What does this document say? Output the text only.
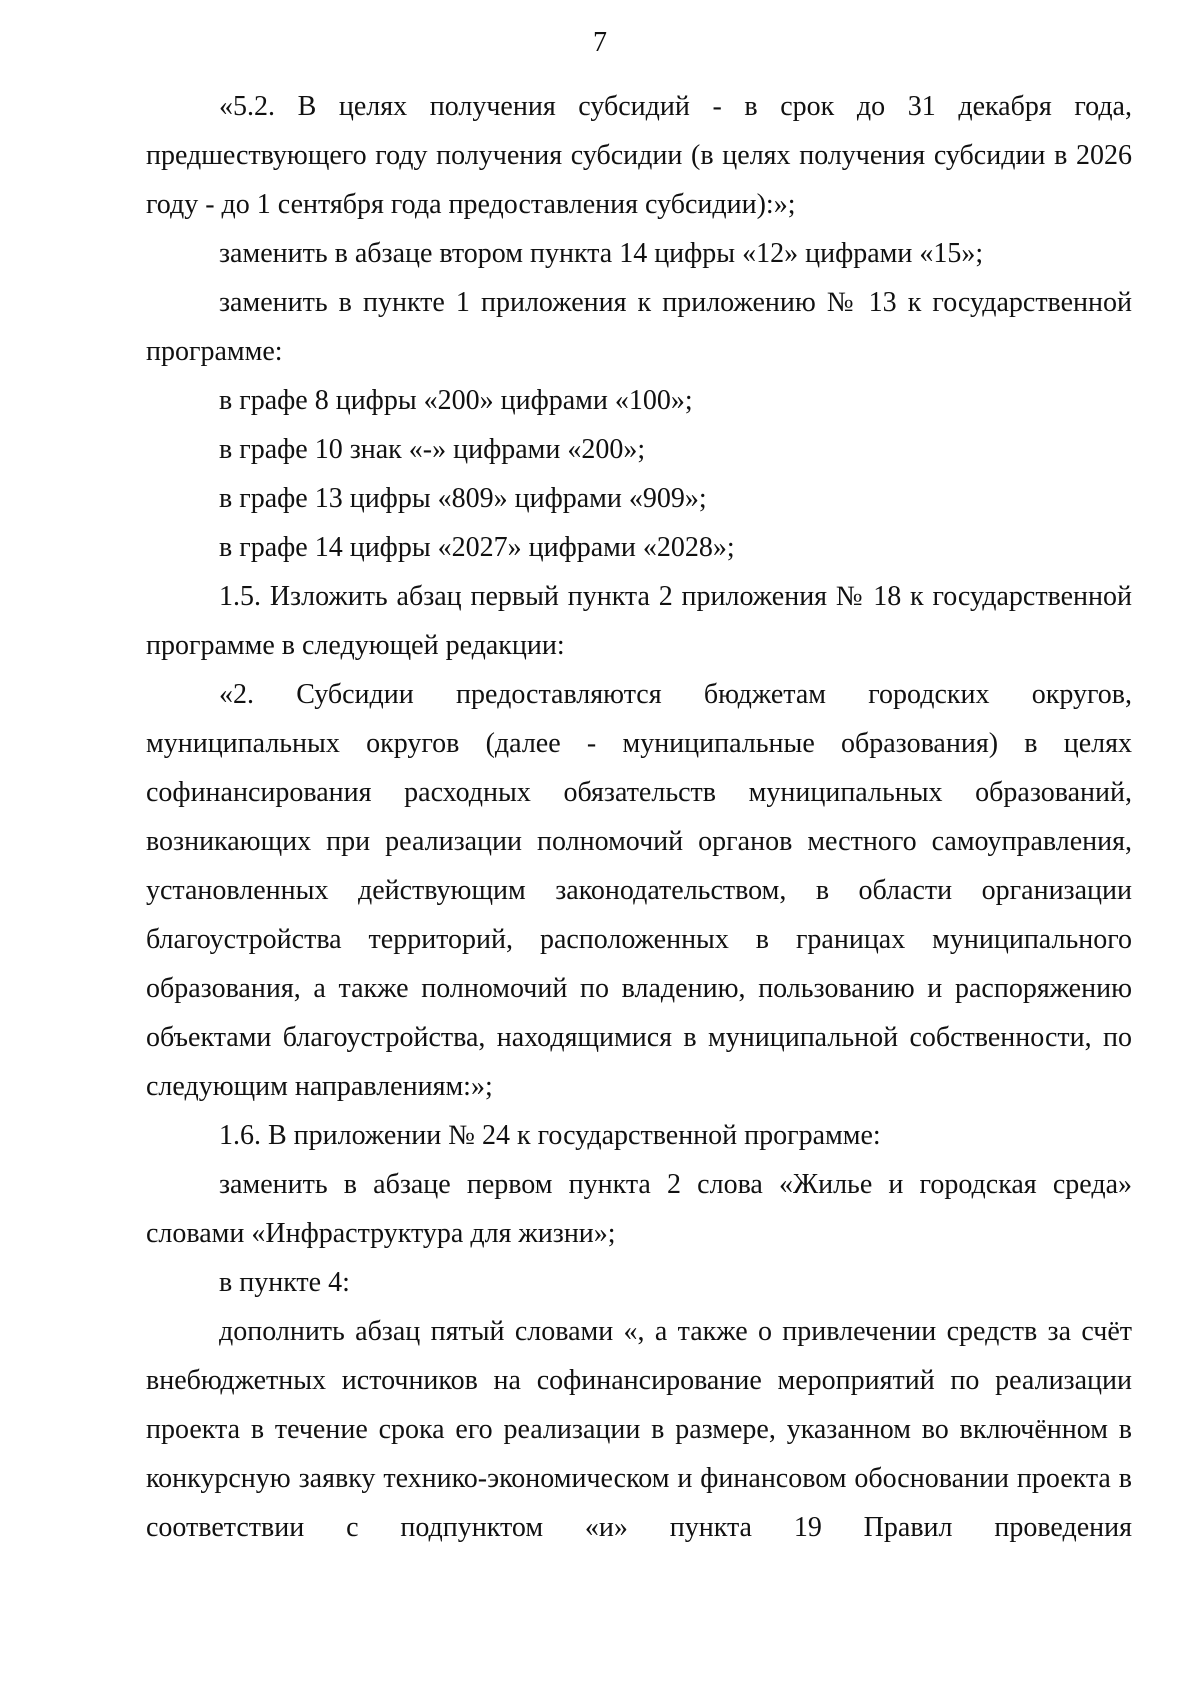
7

«5.2. В целях получения субсидий - в срок до 31 декабря года, предшествующего году получения субсидии (в целях получения субсидии в 2026 году - до 1 сентября года предоставления субсидии):»;

заменить в абзаце втором пункта 14 цифры «12» цифрами «15»;

заменить в пункте 1 приложения к приложению № 13 к государственной программе:

в графе 8 цифры «200» цифрами «100»;

в графе 10 знак «-» цифрами «200»;

в графе 13 цифры «809» цифрами «909»;

в графе 14 цифры «2027» цифрами «2028»;

1.5. Изложить абзац первый пункта 2 приложения № 18 к государственной программе в следующей редакции:

«2. Субсидии предоставляются бюджетам городских округов, муниципальных округов (далее - муниципальные образования) в целях софинансирования расходных обязательств муниципальных образований, возникающих при реализации полномочий органов местного самоуправления, установленных действующим законодательством, в области организации благоустройства территорий, расположенных в границах муниципального образования, а также полномочий по владению, пользованию и распоряжению объектами благоустройства, находящимися в муниципальной собственности, по следующим направлениям:»;

1.6. В приложении № 24 к государственной программе:

заменить в абзаце первом пункта 2 слова «Жилье и городская среда» словами «Инфраструктура для жизни»;

в пункте 4:

дополнить абзац пятый словами «, а также о привлечении средств за счёт внебюджетных источников на софинансирование мероприятий по реализации проекта в течение срока его реализации в размере, указанном во включённом в конкурсную заявку технико-экономическом и финансовом обосновании проекта в соответствии с подпунктом «и» пункта 19 Правил проведения
